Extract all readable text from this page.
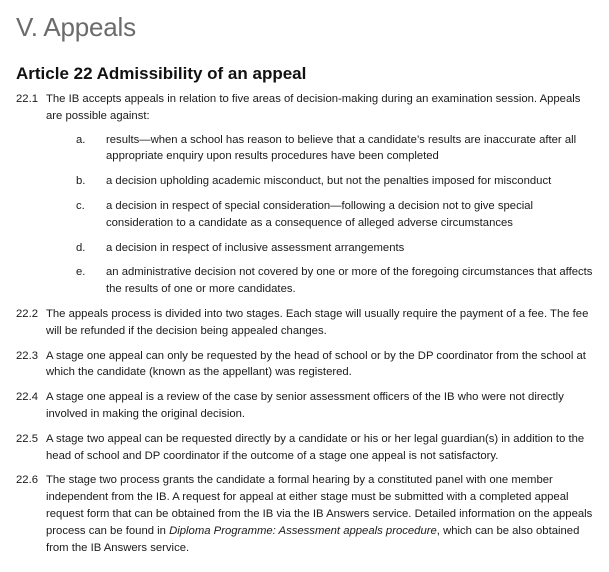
V. Appeals
Article 22 Admissibility of an appeal
22.1 The IB accepts appeals in relation to five areas of decision-making during an examination session. Appeals are possible against:
a.	results—when a school has reason to believe that a candidate’s results are inaccurate after all appropriate enquiry upon results procedures have been completed
b.	a decision upholding academic misconduct, but not the penalties imposed for misconduct
c.	a decision in respect of special consideration—following a decision not to give special consideration to a candidate as a consequence of alleged adverse circumstances
d.	a decision in respect of inclusive assessment arrangements
e.	an administrative decision not covered by one or more of the foregoing circumstances that affects the results of one or more candidates.
22.2 The appeals process is divided into two stages. Each stage will usually require the payment of a fee. The fee will be refunded if the decision being appealed changes.
22.3 A stage one appeal can only be requested by the head of school or by the DP coordinator from the school at which the candidate (known as the appellant) was registered.
22.4 A stage one appeal is a review of the case by senior assessment officers of the IB who were not directly involved in making the original decision.
22.5 A stage two appeal can be requested directly by a candidate or his or her legal guardian(s) in addition to the head of school and DP coordinator if the outcome of a stage one appeal is not satisfactory.
22.6 The stage two process grants the candidate a formal hearing by a constituted panel with one member independent from the IB. A request for appeal at either stage must be submitted with a completed appeal request form that can be obtained from the IB via the IB Answers service. Detailed information on the appeals process can be found in Diploma Programme: Assessment appeals procedure, which can be also obtained from the IB Answers service.
